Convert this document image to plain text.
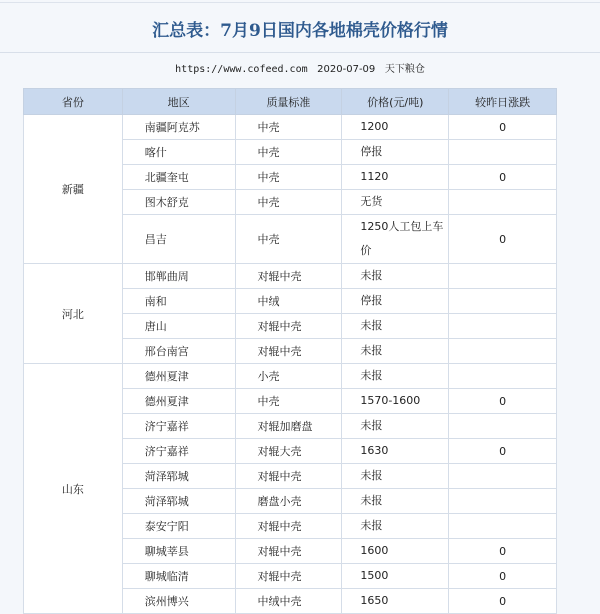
汇总表：7月9日国内各地棉壳价格行情
https://www.cofeed.com 2020-07-09 天下粮仓
省份	地区	质量标准	价格(元/吨)	较昨日涨跌
新疆	南疆阿克苏	中壳	1200	0
	喀什	中壳	停报	
	北疆奎屯	中壳	1120	0
	图木舒克	中壳	无货	
	昌吉	中壳	1250人工包上车价	0
河北	邯郸曲周	对辊中壳	未报	
	南和	中绒	停报	
	唐山	对辊中壳	未报	
	邢台南宫	对辊中壳	未报	
山东	德州夏津	小壳	未报	
	德州夏津	中壳	1570-1600	0
	济宁嘉祥	对辊加磨盘	未报	
	济宁嘉祥	对辊大壳	1630	0
	菏泽郓城	对辊中壳	未报	
	菏泽郓城	磨盘小壳	未报	
	泰安宁阳	对辊中壳	未报	
	聊城莘县	对辊中壳	1600	0
	聊城临清	对辊中壳	1500	0
	滨州博兴	中绒中壳	1650	0
